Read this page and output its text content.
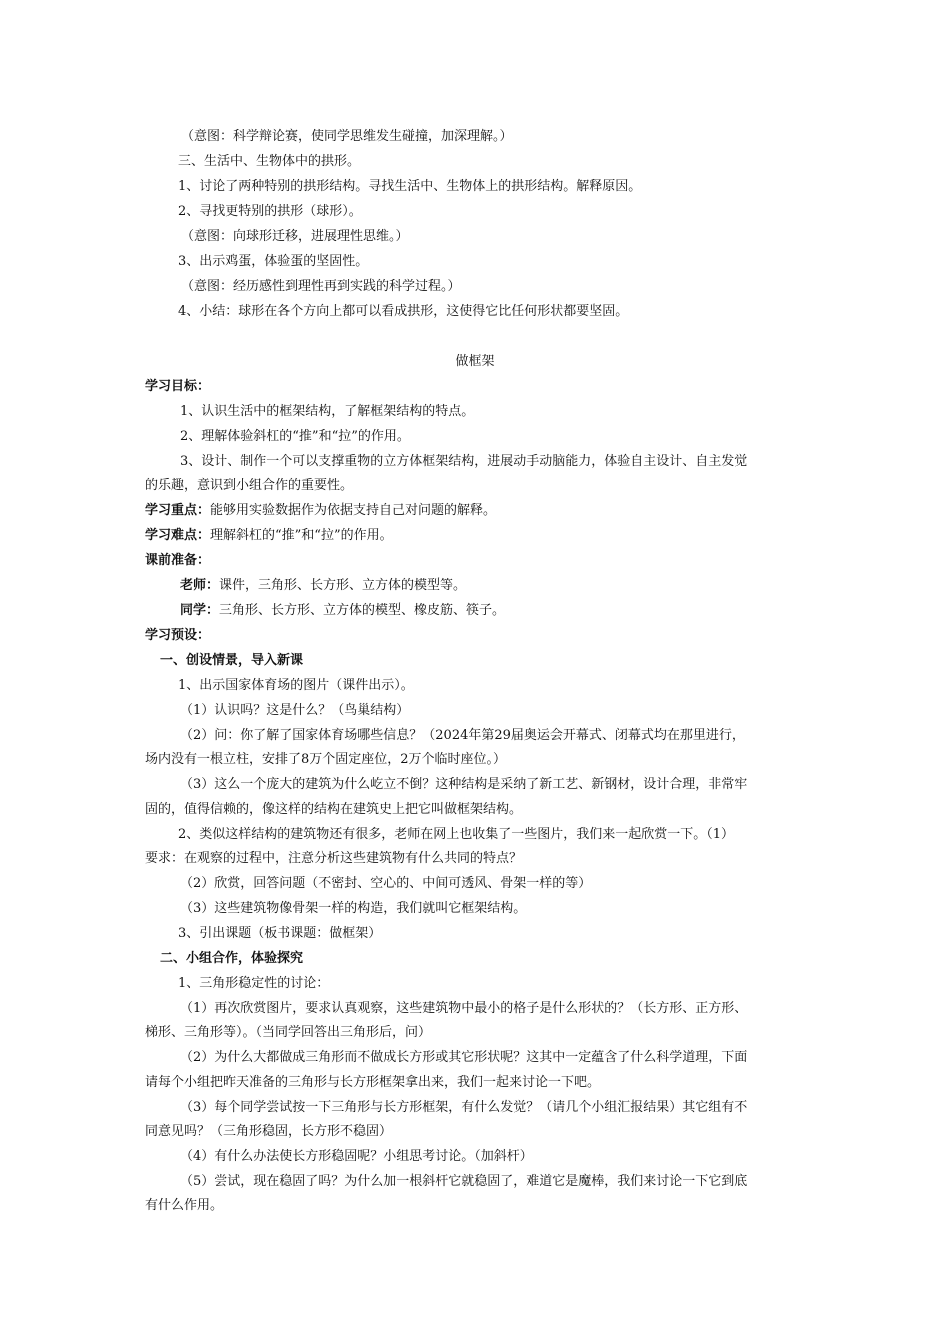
（意图：科学辩论赛，使同学思维发生碰撞，加深理解。）
三、生活中、生物体中的拱形。
1、讨论了两种特别的拱形结构。寻找生活中、生物体上的拱形结构。解释原因。
2、寻找更特别的拱形（球形）。
（意图：向球形迁移，进展理性思维。）
3、出示鸡蛋，体验蛋的坚固性。
（意图：经历感性到理性再到实践的科学过程。）
4、小结：球形在各个方向上都可以看成拱形，这使得它比任何形状都要坚固。
做框架
学习目标：
1、认识生活中的框架结构，了解框架结构的特点。
2、理解体验斜杠的“推”和“拉”的作用。
3、设计、制作一个可以支撑重物的立方体框架结构，进展动手动脑能力，体验自主设计、自主发觉
的乐趣，意识到小组合作的重要性。
学习重点：能够用实验数据作为依据支持自己对问题的解释。
学习难点：理解斜杠的“推”和“拉”的作用。
课前准备：
老师：课件，三角形、长方形、立方体的模型等。
同学：三角形、长方形、立方体的模型、橡皮筋、筷子。
学习预设：
一、创设情景，导入新课
1、出示国家体育场的图片（课件出示）。
（1）认识吗？这是什么？（鸟巢结构）
（2）问：你了解了国家体育场哪些信息？（2024年第29届奥运会开幕式、闭幕式均在那里进行，
场内没有一根立柱，安排了8万个固定座位，2万个临时座位。）
（3）这么一个庞大的建筑为什么屹立不倒？这种结构是采纳了新工艺、新钢材，设计合理，非常牢
固的，值得信赖的，像这样的结构在建筑史上把它叫做框架结构。
2、类似这样结构的建筑物还有很多，老师在网上也收集了一些图片，我们来一起欣赏一下。（1）
要求：在观察的过程中，注意分析这些建筑物有什么共同的特点？
（2）欣赏，回答问题（不密封、空心的、中间可透风、骨架一样的等）
（3）这些建筑物像骨架一样的构造，我们就叫它框架结构。
3、引出课题（板书课题：做框架）
二、小组合作，体验探究
1、三角形稳定性的讨论：
（1）再次欣赏图片，要求认真观察，这些建筑物中最小的格子是什么形状的？（长方形、正方形、
梯形、三角形等）。（当同学回答出三角形后，问）
（2）为什么大都做成三角形而不做成长方形或其它形状呢？这其中一定蕴含了什么科学道理，下面
请每个小组把昨天准备的三角形与长方形框架拿出来，我们一起来讨论一下吧。
（3）每个同学尝试按一下三角形与长方形框架，有什么发觉？（请几个小组汇报结果）其它组有不
同意见吗？（三角形稳固，长方形不稳固）
（4）有什么办法使长方形稳固呢？小组思考讨论。（加斜杆）
（5）尝试，现在稳固了吗？为什么加一根斜杆它就稳固了，难道它是魔棒，我们来讨论一下它到底
有什么作用。
